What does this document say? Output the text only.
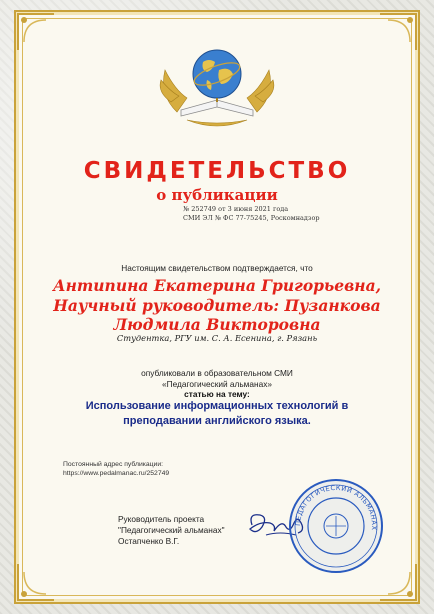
СВИДЕТЕЛЬСТВО
о публикации
№ 252749 от 3 июня 2021 года
СМИ ЭЛ № ФС 77-75245, Роскомнадзор
Настоящим свидетельством подтверждается, что
Антипина Екатерина Григорьевна,
Научный руководитель: Пузанкова
Людмила Викторовна
Студентка, РГУ им. С. А. Есенина, г. Рязань
опубликовали в образовательном СМИ
«Педагогический альманах»
статью на тему:
Использование информационных технологий в
преподавании английского языка.
Постоянный адрес публикации:
https://www.pedalmanac.ru/252749
Руководитель проекта
"Педагогический альманах"
Остапченко В.Г.
ПЕДАГОГИЧЕСКИЙ АЛЬМАНАХ
